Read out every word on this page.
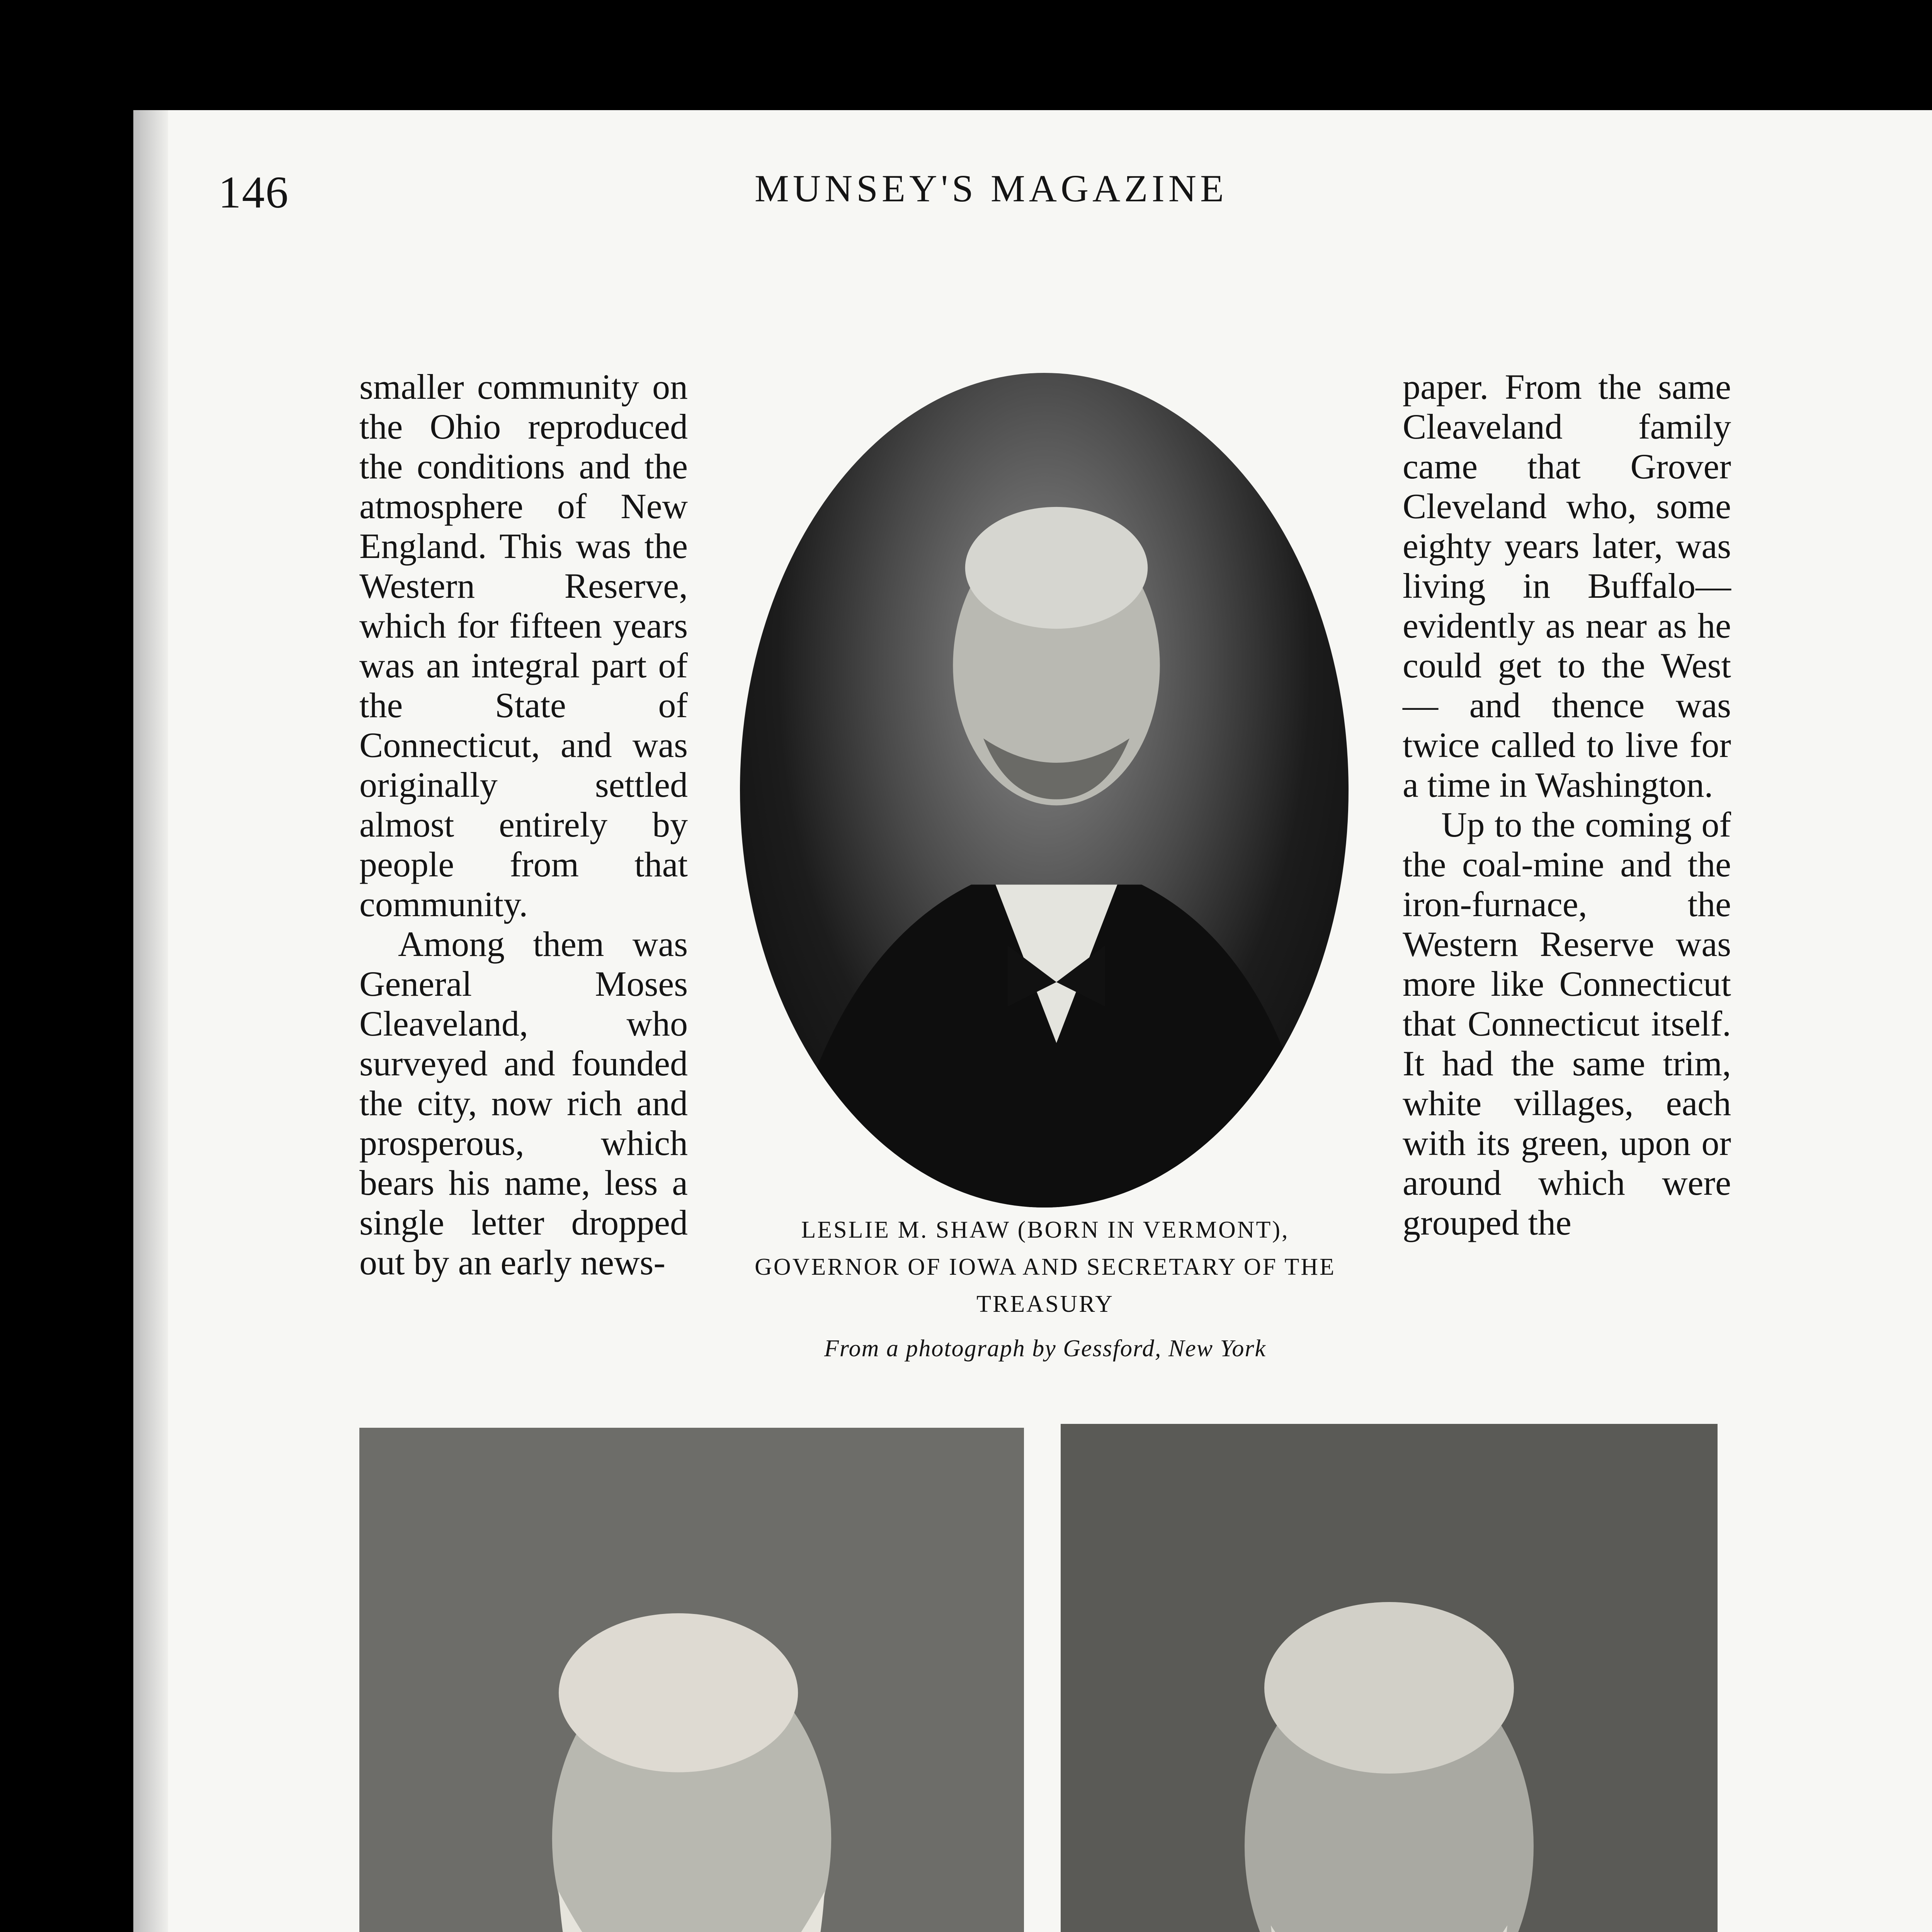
146	MUNSEY'S MAGAZINE

smaller community on the Ohio reproduced the conditions and the atmosphere of New England. This was the Western Reserve, which for fifteen years was an integral part of the State of Connecticut, and was originally settled almost entirely by people from that community.

Among them was General Moses Cleaveland, who surveyed and founded the city, now rich and prosperous, which bears his name, less a single letter dropped out by an early news-

LESLIE M. SHAW (BORN IN VERMONT), GOVERNOR OF IOWA AND SECRETARY OF THE TREASURY
From a photograph by Gessford, New York

paper. From the same Cleaveland family came that Grover Cleveland who, some eighty years later, was living in Buffalo—evidently as near as he could get to the West — and thence was twice called to live for a time in Washington.

Up to the coming of the coal-mine and the iron-furnace, the Western Reserve was more like Connecticut that Connecticut itself. It had the same trim, white villages, each with its green, upon or around which were grouped the
